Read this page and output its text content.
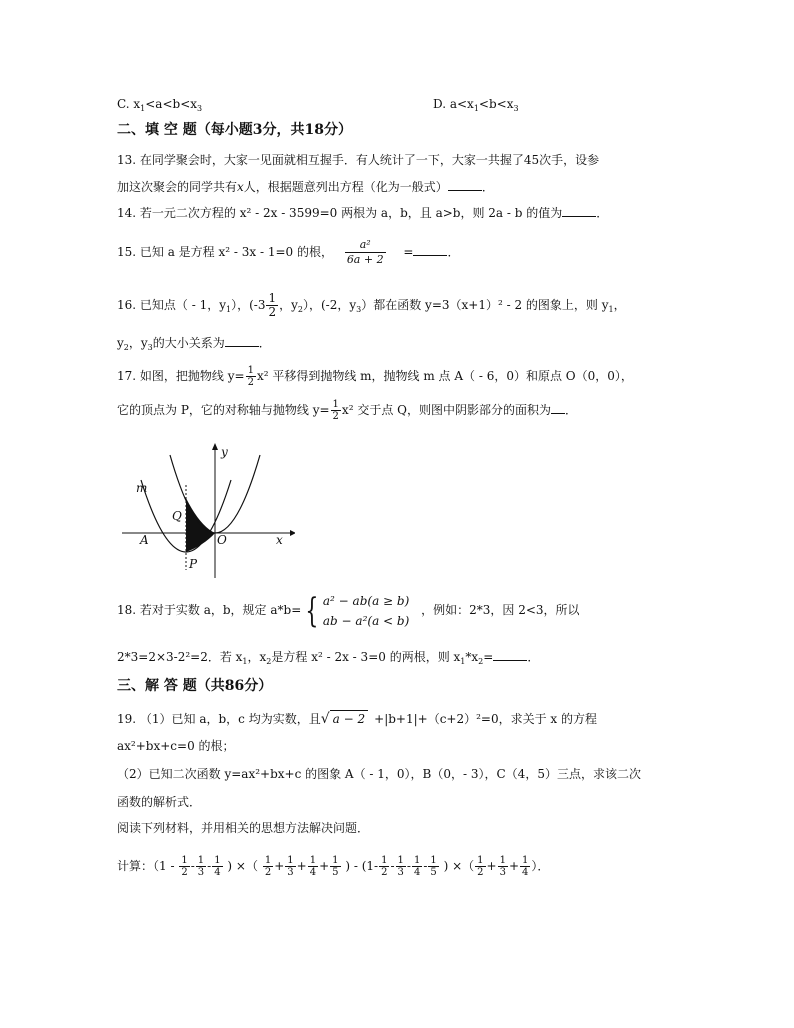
C. $x_1<a<b<x_3$	D. $a<x_1<b<x_3$
二、填 空 题（每小题3分，共18分）
13. 在同学聚会时，大家一见面就相互握手．有人统计了一下，大家一共握了45次手，设参
加这次聚会的同学共有x人，根据题意列出方程（化为一般式）	．
14. 若一元二次方程的 x² - 2x - 3599=0 两根为 a，b，且 a>b，则 2a - b 的值为	．
15. 已知 a 是方程 x² - 3x - 1=0 的根， $\frac{\text{a²}}{6a + 2}$ =	．
16. 已知点（ - 1，$y_1$），($-3 \frac{1}{2}$ ，$y_2$），(-2，$y_3$）都在函数 y=3（x+1）² - 2 的图象上，则 $y_1$，
$y_2$，$y_3$的大小关系为	．
17. 如图，把抛物线 $y= \frac{1}{2} x^2$ 平移得到抛物线 m，抛物线 m 点 A（ - 6，0）和原点 O（0，0），
它的顶点为 P，它的对称轴与抛物线 $y= \frac{1}{2} x^2$ 交于点 Q，则图中阴影部分的面积为 ．
y
m
Q
A	O	x
P
18. 若对于实数 a，b，规定 a*b= { a² − ab(a ≥ b)
ab − a²(a < b)
，例如：2*3，因 2<3，所以
2*3=2×3-2²=2．若 $x_1$，$x_2$是方程 x² - 2x - 3=0 的两根，则 $x_1*x_2=$	．
三、解 答 题（共86分）
19. （1）已知 a，b，c 均为实数，且√ a − 2 +|b+1|+（c+2）²=0，求关于 x 的方程
ax²+bx+c=0 的根；
（2）已知二次函数 y=ax²+bx+c 的图象 A（ - 1，0），B（0，- 3），C（4，5）三点，求该二次
函数的解析式．
阅读下列材料，并用相关的思想方法解决问题．
计算：（$1 - \frac{1}{2} - \frac{1}{3} - \frac{1}{4}$ ) ×（ $\frac{1}{2} + \frac{1}{3} + \frac{1}{4} + \frac{1}{5}$ ) - ($1- \frac{1}{2} - \frac{1}{3} - \frac{1}{4} - \frac{1}{5}$ ) ×（ $\frac{1}{2} + \frac{1}{3} + \frac{1}{4}$ ）．
